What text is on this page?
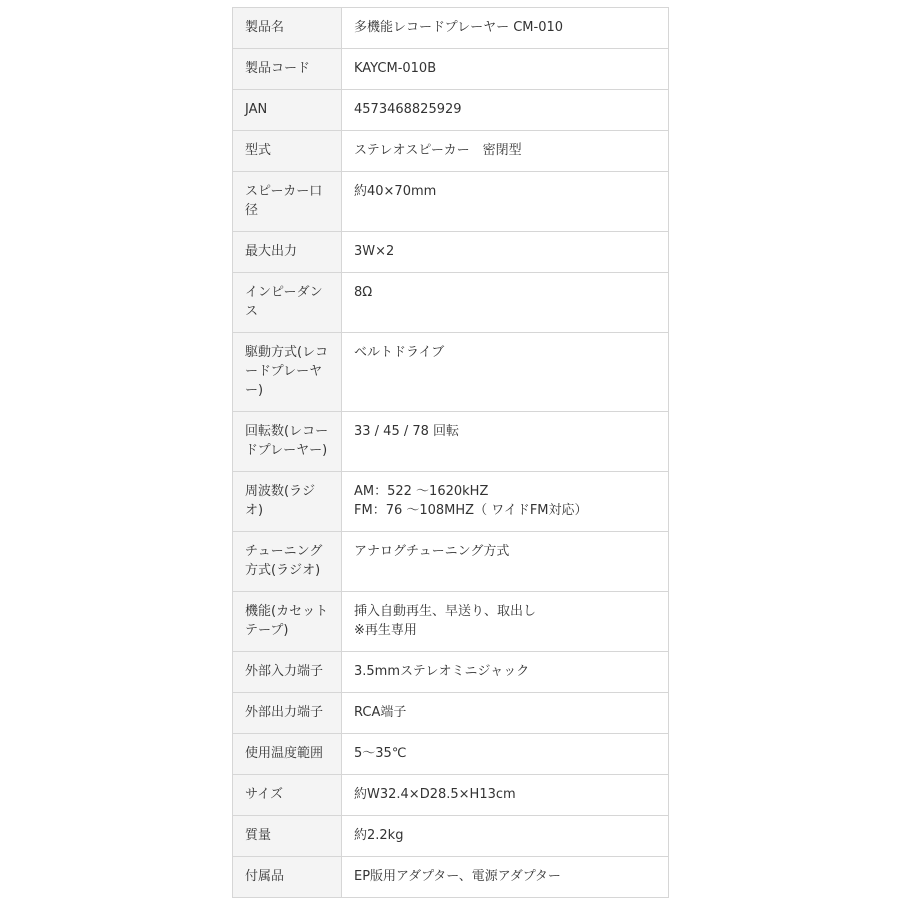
製品名	多機能レコードプレーヤー CM-010
製品コード	KAYCM-010B
JAN	4573468825929
型式	ステレオスピーカー　密閉型
スピーカー口径	約40×70mm
最大出力	3W×2
インピーダンス	8Ω
駆動方式(レコードプレーヤー)	ベルトドライブ
回転数(レコードプレーヤー)	33 / 45 / 78 回転
周波数(ラジオ)	AM：522 ～1620kHZ
FM：76 ～108MHZ（ ワイドFM対応）
チューニング方式(ラジオ)	アナログチューニング方式
機能(カセットテープ)	挿入自動再生、早送り、取出し
※再生専用
外部入力端子	3.5mmステレオミニジャック
外部出力端子	RCA端子
使用温度範囲	5～35℃
サイズ	約W32.4×D28.5×H13cm
質量	約2.2kg
付属品	EP版用アダプター、電源アダプター
